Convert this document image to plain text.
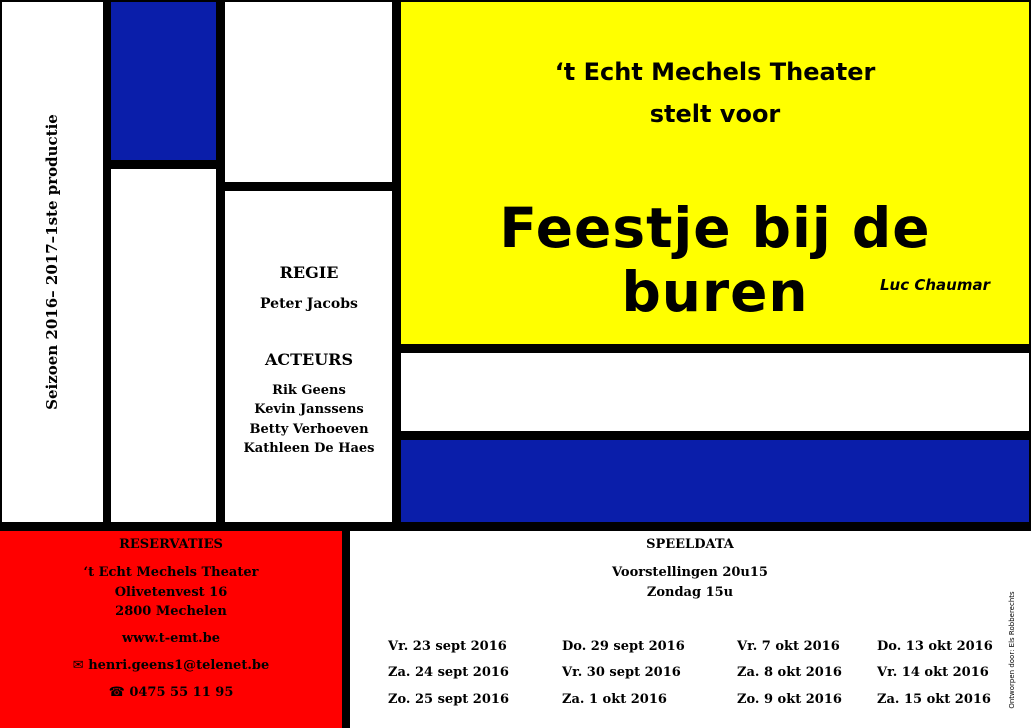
Seizoen 2016– 2017–1ste productie
‘t Echt Mechels Theater
stelt voor
Feestje bij de buren	Luc Chaumar
REGIE
Peter Jacobs
ACTEURS
Rik Geens
Kevin Janssens
Betty Verhoeven
Kathleen De Haes
RESERVATIES
‘t Echt Mechels Theater
Olivetenvest 16
2800 Mechelen
www.t-emt.be
✉ henri.geens1@telenet.be
☎ 0475 55 11 95
SPEELDATA
Voorstellingen 20u15
Zondag 15u
Vr. 23 sept 2016
Za. 24 sept 2016
Zo. 25 sept 2016
Do. 29 sept 2016
Vr. 30 sept 2016
Za. 1 okt 2016
Vr. 7 okt 2016
Za. 8 okt 2016
Zo. 9 okt 2016
Do. 13 okt 2016
Vr. 14 okt 2016
Za. 15 okt 2016 Ontworpen door: Els Robberechts
